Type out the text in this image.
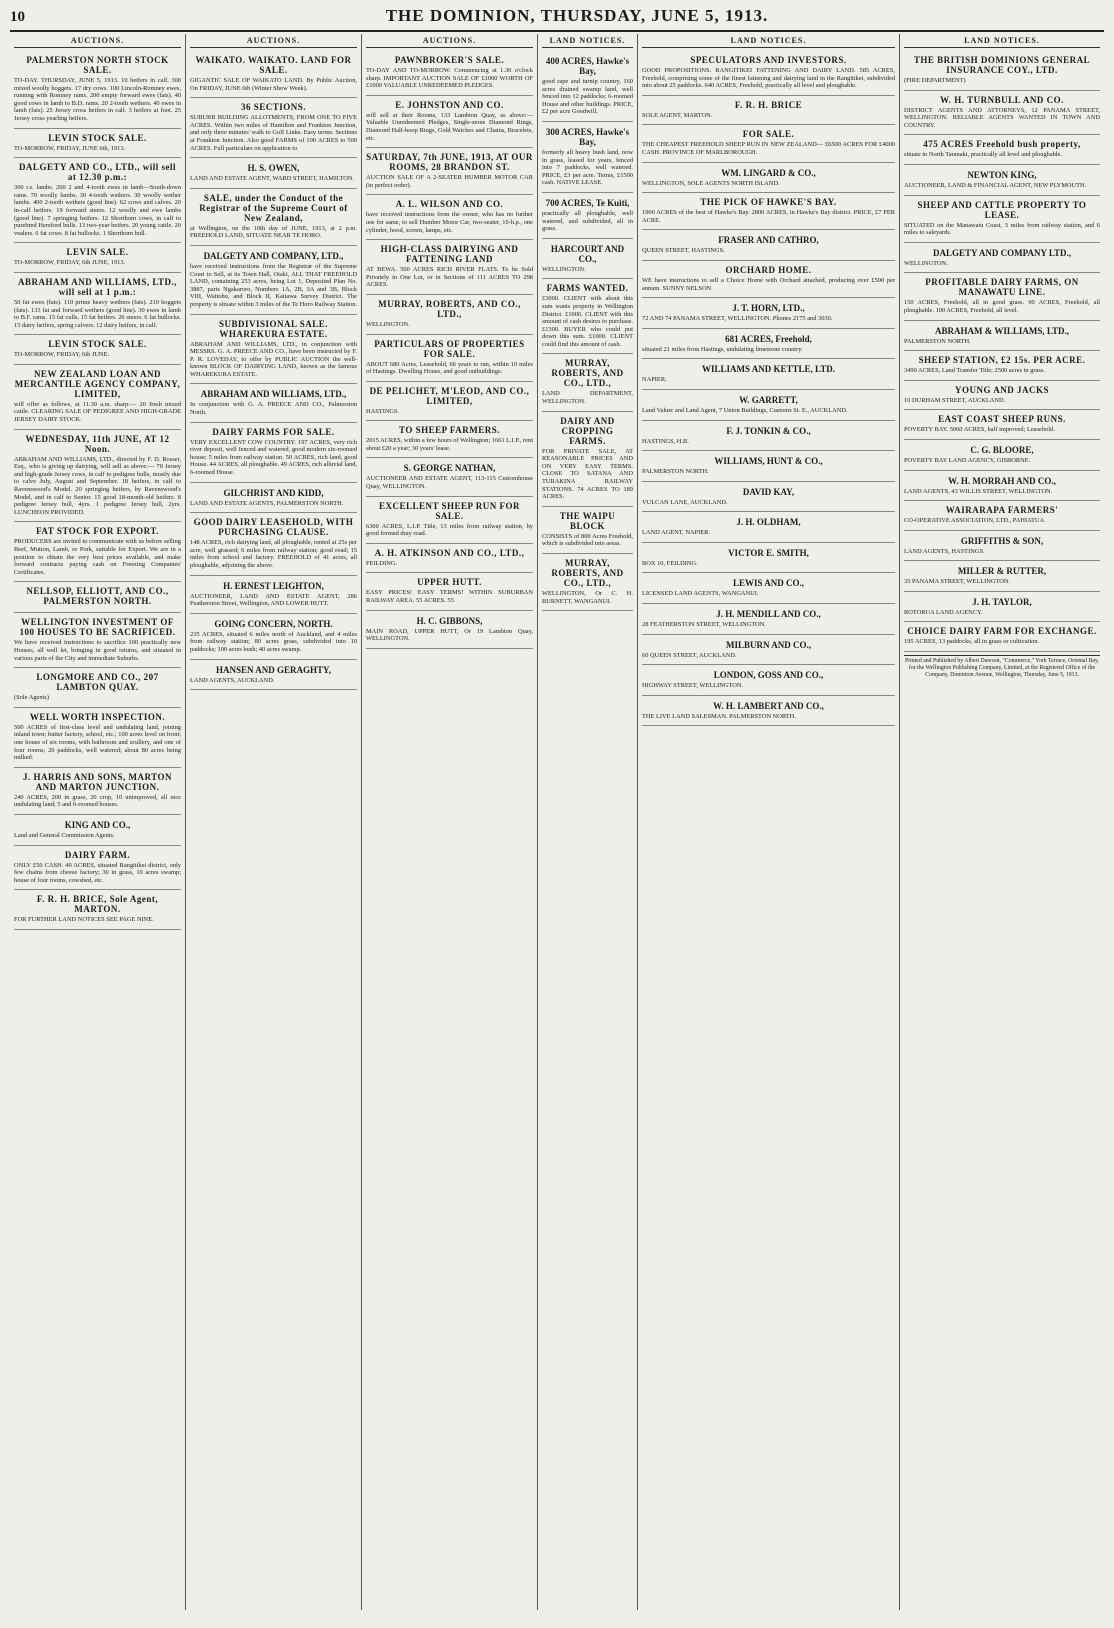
10	THE DOMINION, THURSDAY, JUNE 5, 1913.
AUCTIONS.
PALMERSTON NORTH STOCK SALE.

TO-DAY. THURSDAY, JUNE 5, 1913. 10 heifers in calf. 300 mixed woolly hoggets. 17 dry cows. 100 Lincoln-Romney ewes, running with Romney rams. 200 empty forward ewes (fats). 40 good cows in lamb to B.D. rams. 20 2-tooth wethers. 40 ewes in lamb (fats). 25 Jersey cross heifers in calf. 3 heifers at foot. 25 Jersey cross yearling heifers.

LEVIN STOCK SALE.

TO-MORROW, FRIDAY, JUNE 6th, 1913.

DALGETY AND CO., LTD., will sell at 12.30 p.m.:

300 r.s. lambs. 200 2 and 4-tooth ewes in lamb—South-down rams. 70 woolly lambs. 30 4-tooth wethers. 30 woolly wether lambs. 400 2-tooth wethers (good line). 62 cows and calves. 20 in-calf heifers. 19 forward steers. 12 woolly and ewe lambs (good line). 7 springing heifers. 12 Shorthorn cows, in calf to purebred Hereford bulls. 13 two-year heifers. 20 young cattle. 20 vealers. 6 fat cows. 8 fat bullocks. 1 Shorthorn bull.

LEVIN SALE.

TO-MORROW, FRIDAY, 6th JUNE, 1913.

ABRAHAM AND WILLIAMS, LTD., will sell at 1 p.m.:

50 fat ewes (fats). 110 prime heavy wethers (fats). 210 hoggets (fats). 133 fat and forward wethers (good line). 30 ewes in lamb to B.F. rams. 15 fat culls. 15 fat heifers. 26 steers. 6 fat bullocks. 15 dairy heifers, spring calvers. 12 dairy heifers, in calf.

LEVIN STOCK SALE.

TO-MORROW, FRIDAY, 6th JUNE.

NEW ZEALAND LOAN AND MERCANTILE AGENCY COMPANY, LIMITED,

will offer as follows, at 11.30 a.m. sharp:— 20 fresh mixed cattle. CLEARING SALE OF PEDIGREE AND HIGH-GRADE JERSEY DAIRY STOCK.

WEDNESDAY, 11th JUNE, AT 12 Noon.

ABRAHAM AND WILLIAMS, LTD., directed by F. D. Rosser, Esq., who is giving up dairying, will sell as above:— 70 Jersey and high-grade Jersey cows, in calf to pedigree bulls, mostly due to calve July, August and September. 18 heifers, in calf to Ravenswood's Model. 20 springing heifers, by Ravenswood's Model, and in calf to Senior. 15 good 18-month-old heifers. 8 pedigree Jersey bull, 4yrs. 1 pedigree Jersey bull, 2yrs. LUNCHEON PROVIDED.

FAT STOCK FOR EXPORT.

PRODUCERS are invited to communicate with us before selling Beef, Mutton, Lamb, or Pork, suitable for Export. We are in a position to obtain the very best prices available, and make forward contracts paying cash on Freezing Companies' Certificates.

NELLSOP, ELLIOTT, AND CO., PALMERSTON NORTH.
WELLINGTON INVESTMENT OF 100 HOUSES TO BE SACRIFICED.

We have received instructions to sacrifice 100 practically new Houses, all well let, bringing in good returns, and situated in various parts of the City and immediate Suburbs.

LONGMORE AND CO., 207 LAMBTON QUAY.

(Sole Agents)

WELL WORTH INSPECTION.

500 ACRES of first-class level and undulating land, joining inland town; butter factory, school, etc.; 100 acres level on front; one house of six rooms, with bathroom and scullery, and one of four rooms; 20 paddocks, well watered; about 80 acres being milked.

J. HARRIS AND SONS, MARTON AND MARTON JUNCTION.

240 ACRES, 200 in grass, 20 crop, 10 unimproved, all nice undulating land; 5 and 6-roomed houses.

KING AND CO.,

Land and General Commission Agents.

DAIRY FARM.

ONLY £50 CASH. 40 ACRES, situated Rangitikei district, only few chains from cheese factory; 30 in grass, 10 acres swamp; house of four rooms, cowshed, etc.

F. R. H. BRICE, Sole Agent, MARTON.

FOR FURTHER LAND NOTICES SEE PAGE NINE.

AUCTIONS.
WAIKATO. WAIKATO. LAND FOR SALE.

GIGANTIC SALE OF WAIKATO LAND. By Public Auction, On FRIDAY, JUNE 6th (Winter Show Week).

36 SECTIONS.

SUBURB BUILDING ALLOTMENTS, FROM ONE TO FIVE ACRES. Within two miles of Hamilton and Frankton Junction, and only three minutes' walk to Golf Links. Easy terms. Sections at Frankton Junction. Also good FARMS of 100 ACRES to 500 ACRES. Full particulars on application to

H. S. OWEN,

LAND AND ESTATE AGENT, WARD STREET, HAMILTON.

SALE, under the Conduct of the Registrar of the Supreme Court of New Zealand,

at Wellington, on the 10th day of JUNE, 1913, at 2 p.m. FREEHOLD LAND, SITUATE NEAR TE HORO.

DALGETY AND COMPANY, LTD.,

have received instructions from the Registrar of the Supreme Court to Sell, at its Town Hall, Otaki, ALL THAT FREEHOLD LAND, containing 253 acres, being Lot 1, Deposited Plan No. 3887, parts Ngakaroro, Numbers 1A, 2B, 3A and 3B, Block VIII, Waitohu, and Block II, Kaitawa Survey District. The property is situate within 3 miles of the Te Horo Railway Station.

SUBDIVISIONAL SALE. WHAREKURA ESTATE.

ABRAHAM AND WILLIAMS, LTD., in conjunction with MESSRS. G. A. PREECE AND CO., have been instructed by F. P. R. LOVEDAY, to offer by PUBLIC AUCTION the well-known BLOCK OF DAIRYING LAND, known as the famous WHAREKURA ESTATE.

ABRAHAM AND WILLIAMS, LTD.,

In conjunction with G. A. PREECE AND CO., Palmerston North.

DAIRY FARMS FOR SALE.

VERY EXCELLENT COW COUNTRY. 197 ACRES, very rich river deposit, well fenced and watered, good modern six-roomed house; 5 miles from railway station. 50 ACRES, rich land, good House. 44 ACRES, all ploughable. 49 ACRES, rich alluvial land, 6-roomed House.

GILCHRIST AND KIDD,

LAND AND ESTATE AGENTS, PALMERSTON NORTH.

GOOD DAIRY LEASEHOLD, WITH PURCHASING CLAUSE.

148 ACRES, rich dairying land, all ploughable, rented at 25s per acre, well grassed; 6 miles from railway station; good road; 15 miles from school and factory. FREEHOLD of 41 acres, all ploughable, adjoining the above.

H. ERNEST LEIGHTON,

AUCTIONEER, LAND AND ESTATE AGENT, 286 Featherston Street, Wellington, AND LOWER HUTT.

GOING CONCERN, NORTH.

235 ACRES, situated 6 miles north of Auckland, and 4 miles from railway station; 80 acres grass, subdivided into 10 paddocks; 100 acres bush; 40 acres swamp.

HANSEN AND GERAGHTY,

LAND AGENTS, AUCKLAND.

AUCTIONS.
PAWNBROKER'S SALE.

TO-DAY AND TO-MORROW. Commencing at 1.30 o'clock sharp. IMPORTANT AUCTION SALE OF £1000 WORTH OF £1000 VALUABLE UNREDEEMED PLEDGES.

E. JOHNSTON AND CO.

will sell at their Rooms, 133 Lambton Quay, as above:— Valuable Unredeemed Pledges, Single-stone Diamond Rings, Diamond Half-hoop Rings, Gold Watches and Chains, Bracelets, etc.

SATURDAY, 7th JUNE, 1913, AT OUR ROOMS, 28 BRANDON ST.

AUCTION SALE OF A 2-SEATER HUMBER MOTOR CAR (in perfect order).

A. L. WILSON AND CO.

have received instructions from the owner, who has no further use for same, to sell Humber Motor Car, two-seater, 10-h.p., one cylinder, hood, screen, lamps, etc.

HIGH-CLASS DAIRYING AND FATTENING LAND

AT BEWA. 500 ACRES RICH RIVER FLATS. To be Sold Privately in One Lot, or in Sections of 111 ACRES TO 298 ACRES.

MURRAY, ROBERTS, AND CO., LTD.,

WELLINGTON.

PARTICULARS OF PROPERTIES FOR SALE.

ABOUT 680 Acres, Leasehold, 66 years to run, within 10 miles of Hastings. Dwelling House, and good outbuildings.

DE PELICHET, M'LEOD, AND CO., LIMITED,

HASTINGS.

TO SHEEP FARMERS.

2015 ACRES, within a few hours of Wellington; 1661 L.I.P., rent about £20 a year; 30 years' lease.

S. GEORGE NATHAN,

AUCTIONEER AND ESTATE AGENT, 113-115 Customhouse Quay, WELLINGTON.

EXCELLENT SHEEP RUN FOR SALE.

6300 ACRES, L.I.P. Title, 13 miles from railway station, by good formed dray road.

A. H. ATKINSON AND CO., LTD.,

FEILDING.

UPPER HUTT.

EASY PRICES! EASY TERMS! WITHIN SUBURBAN RAILWAY AREA. 55 ACRES. 55

H. C. GIBBONS,

MAIN ROAD, UPPER HUTT, Or 19 Lambton Quay, WELLINGTON.

LAND NOTICES.
400 ACRES, Hawke's Bay,

good rape and turnip country, 160 acres drained swamp land, well fenced into 12 paddocks; 6-roomed House and other buildings. PRICE, £2 per acre Goodwill.

300 ACRES, Hawke's Bay,

formerly all heavy bush land, now in grass, leased for years, fenced into 7 paddocks, well watered. PRICE, £3 per acre. Terms, £1500 cash. NATIVE LEASE.

700 ACRES, Te Kuiti,

practically all ploughable, well watered, and subdivided, all in grass.

HARCOURT AND CO.,

WELLINGTON.

FARMS WANTED.

£3000. CLIENT with about this sum wants property in Wellington District. £1000. CLIENT with this amount of cash desires to purchase. £1300. BUYER who could put down this sum. £1000. CLIENT could find this amount of cash.

MURRAY, ROBERTS, AND CO., LTD.,

LAND DEPARTMENT, WELLINGTON.

DAIRY AND CROPPING FARMS.

FOR PRIVATE SALE, AT REASONABLE PRICES AND ON VERY EASY TERMS. CLOSE TO SATANA AND TURAKINA RAILWAY STATIONS. 74 ACRES TO 189 ACRES.

THE WAIPU BLOCK

CONSISTS of 800 Acres Freehold, which is subdivided into areas.

MURRAY, ROBERTS, AND CO., LTD.,

WELLINGTON, Or C. H. BURNETT, WANGANUI.

LAND NOTICES.
SPECULATORS AND INVESTORS.

GOOD PROPOSITIONS. RANGITIKEI FATTENING AND DAIRY LAND. 585 ACRES, Freehold, comprising some of the finest fattening and dairying land in the Rangitikei, subdivided into about 25 paddocks. 640 ACRES, Freehold, practically all level and ploughable.

F. R. H. BRICE

SOLE AGENT, MARTON.

FOR SALE.

THE CHEAPEST FREEHOLD SHEEP RUN IN NEW ZEALAND— £6500 ACRES FOR £4000 CASH. PROVINCE OF MARLBOROUGH.

WM. LINGARD & CO.,

WELLINGTON, SOLE AGENTS NORTH ISLAND.

THE PICK OF HAWKE'S BAY.

1900 ACRES of the best of Hawke's Bay. 2800 ACRES, in Hawke's Bay district. PRICE, £7 PER ACRE.

FRASER AND CATHRO,

QUEEN STREET, HASTINGS.

ORCHARD HOME.

WE have instructions to sell a Choice Home with Orchard attached, producing over £500 per annum. SUNNY NELSON

J. T. HORN, LTD.,

72 AND 74 PANAMA STREET, WELLINGTON. Phones 2175 and 3030.

681 ACRES, Freehold,

situated 21 miles from Hastings, undulating limestone country.

WILLIAMS AND KETTLE, LTD.

NAPIER.

W. GARRETT,

Land Valuer and Land Agent, 7 Union Buildings, Customs St. E., AUCKLAND.

F. J. TONKIN & CO.,

HASTINGS, H.B.

WILLIAMS, HUNT & CO.,

PALMERSTON NORTH.

DAVID KAY,

VULCAN LANE, AUCKLAND.

J. H. OLDHAM,

LAND AGENT, NAPIER.

VICTOR E. SMITH,

BOX 10, FEILDING.

LEWIS AND CO.,

LICENSED LAND AGENTS, WANGANUI.

J. H. MENDILL AND CO.,

28 FEATHERSTON STREET, WELLINGTON.

MILBURN AND CO.,

60 QUEEN STREET, AUCKLAND.

LONDON, GOSS AND CO.,

HIGHWAY STREET, WELLINGTON.

W. H. LAMBERT AND CO.,

THE LIVE LAND SALESMAN. PALMERSTON NORTH.

LAND NOTICES.
THE BRITISH DOMINIONS GENERAL INSURANCE COY., LTD.

(FIRE DEPARTMENT)

W. H. TURNBULL AND CO.

DISTRICT AGENTS AND ATTORNEYS, 12 PANAMA STREET, WELLINGTON. RELIABLE AGENTS WANTED IN TOWN AND COUNTRY.

475 ACRES Freehold bush property,

situate in North Taranaki, practically all level and ploughable.

NEWTON KING,

AUCTIONEER, LAND & FINANCIAL AGENT, NEW PLYMOUTH.

SHEEP AND CATTLE PROPERTY TO LEASE.

SITUATED on the Manawatu Coast, 3 miles from railway station, and 6 miles to saleyards.

DALGETY AND COMPANY LTD.,

WELLINGTON.

PROFITABLE DAIRY FARMS, ON MANAWATU LINE.

150 ACRES, Freehold, all in good grass. 90 ACRES, Freehold, all ploughable. 100 ACRES, Freehold, all level.

ABRAHAM & WILLIAMS, LTD.,

PALMERSTON NORTH.

SHEEP STATION, £2 15s. PER ACRE.

3490 ACRES, Land Transfer Title; 2500 acres in grass.

YOUNG AND JACKS

10 DURHAM STREET, AUCKLAND.

EAST COAST SHEEP RUNS.

POVERTY BAY. 5060 ACRES, half improved; Leasehold.

C. G. BLOORE,

POVERTY BAY LAND AGENCY, GISBORNE.

W. H. MORRAH AND CO.,

LAND AGENTS, 43 WILLIS STREET, WELLINGTON.

WAIRARAPA FARMERS'

CO-OPERATIVE ASSOCIATION, LTD., PAHIATUA.

GRIFFITHS & SON,

LAND AGENTS, HASTINGS.

MILLER & RUTTER,

35 PANAMA STREET, WELLINGTON.

J. H. TAYLOR,

ROTORUA LAND AGENCY.

CHOICE DAIRY FARM FOR EXCHANGE.

195 ACRES, 13 paddocks, all in grass or cultivation.

Printed and Published by Albert Dawson, "Commerce," York Terrace, Oriental Bay, for the Wellington Publishing Company, Limited, at the Registered Office of the Company, Dominion Avenue, Wellington, Thursday, June 5, 1913.
